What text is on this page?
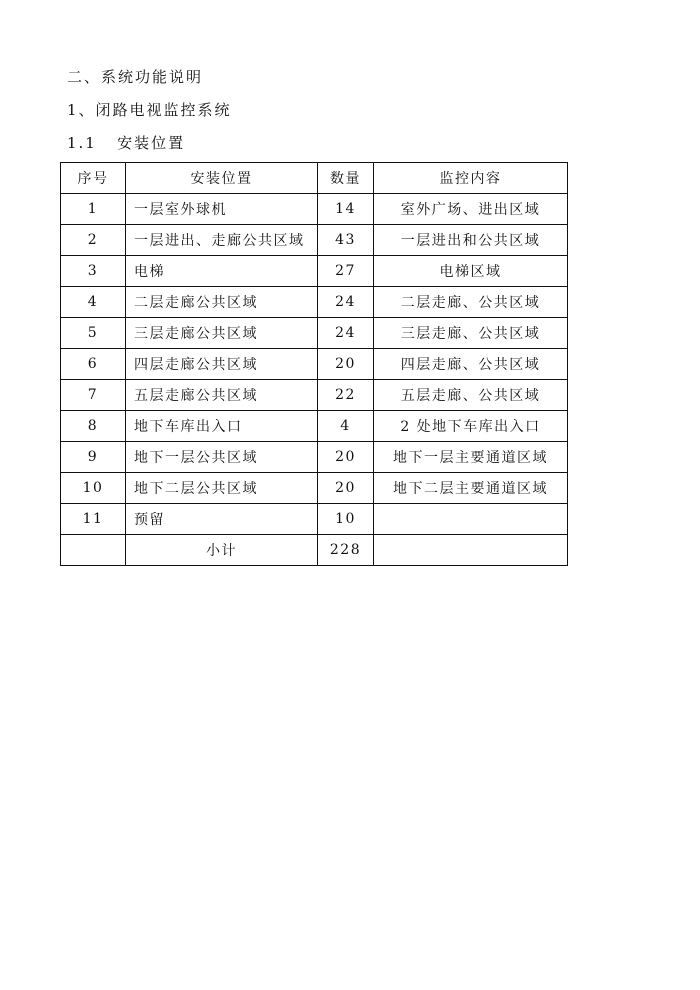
二、系统功能说明
1、闭路电视监控系统
1.1   安装位置
序号	安装位置	数量	监控内容
1	一层室外球机	14	室外广场、进出区域
2	一层进出、走廊公共区域	43	一层进出和公共区域
3	电梯	27	电梯区域
4	二层走廊公共区域	24	二层走廊、公共区域
5	三层走廊公共区域	24	三层走廊、公共区域
6	四层走廊公共区域	20	四层走廊、公共区域
7	五层走廊公共区域	22	五层走廊、公共区域
8	地下车库出入口	4	2 处地下车库出入口
9	地下一层公共区域	20	地下一层主要通道区域
10	地下二层公共区域	20	地下二层主要通道区域
11	预留	10	
	小计	228	
